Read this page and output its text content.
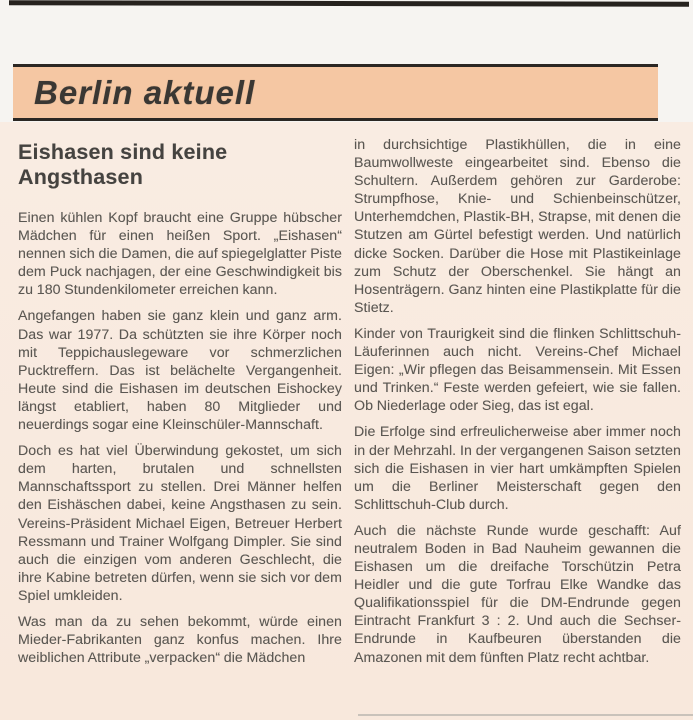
Berlin aktuell
Eishasen sind keine Angsthasen

Einen kühlen Kopf braucht eine Gruppe hübscher Mädchen für einen heißen Sport. „Eishasen“ nennen sich die Damen, die auf spiegelglatter Piste dem Puck nachjagen, der eine Geschwindigkeit bis zu 180 Stundenkilometer erreichen kann.

Angefangen haben sie ganz klein und ganz arm. Das war 1977. Da schützten sie ihre Körper noch mit Teppichauslegeware vor schmerzlichen Pucktreffern. Das ist belächelte Vergangenheit. Heute sind die Eishasen im deutschen Eishockey längst etabliert, haben 80 Mitglieder und neuerdings sogar eine Kleinschüler-Mannschaft.

Doch es hat viel Überwindung gekostet, um sich dem harten, brutalen und schnellsten Mannschaftssport zu stellen. Drei Männer helfen den Eishäschen dabei, keine Angsthasen zu sein. Vereins-Präsident Michael Eigen, Betreuer Herbert Ressmann und Trainer Wolfgang Dimpler. Sie sind auch die einzigen vom anderen Geschlecht, die ihre Kabine betreten dürfen, wenn sie sich vor dem Spiel umkleiden.

Was man da zu sehen bekommt, würde einen Mieder-Fabrikanten ganz konfus machen. Ihre weiblichen Attribute „verpacken“ die Mädchen

in durchsichtige Plastikhüllen, die in eine Baumwollweste eingearbeitet sind. Ebenso die Schultern. Außerdem gehören zur Garderobe: Strumpfhose, Knie- und Schienbeinschützer, Unterhemdchen, Plastik-BH, Strapse, mit denen die Stutzen am Gürtel befestigt werden. Und natürlich dicke Socken. Darüber die Hose mit Plastikeinlage zum Schutz der Oberschenkel. Sie hängt an Hosenträgern. Ganz hinten eine Plastikplatte für die Stietz.

Kinder von Traurigkeit sind die flinken Schlittschuh-Läuferinnen auch nicht. Vereins-Chef Michael Eigen: „Wir pflegen das Beisammensein. Mit Essen und Trinken.“ Feste werden gefeiert, wie sie fallen. Ob Niederlage oder Sieg, das ist egal.

Die Erfolge sind erfreulicherweise aber immer noch in der Mehrzahl. In der vergangenen Saison setzten sich die Eishasen in vier hart umkämpften Spielen um die Berliner Meisterschaft gegen den Schlittschuh-Club durch.

Auch die nächste Runde wurde geschafft: Auf neutralem Boden in Bad Nauheim gewannen die Eishasen um die dreifache Torschützin Petra Heidler und die gute Torfrau Elke Wandke das Qualifikationsspiel für die DM-Endrunde gegen Eintracht Frankfurt 3 : 2. Und auch die Sechser-Endrunde in Kaufbeuren überstanden die Amazonen mit dem fünften Platz recht achtbar.
